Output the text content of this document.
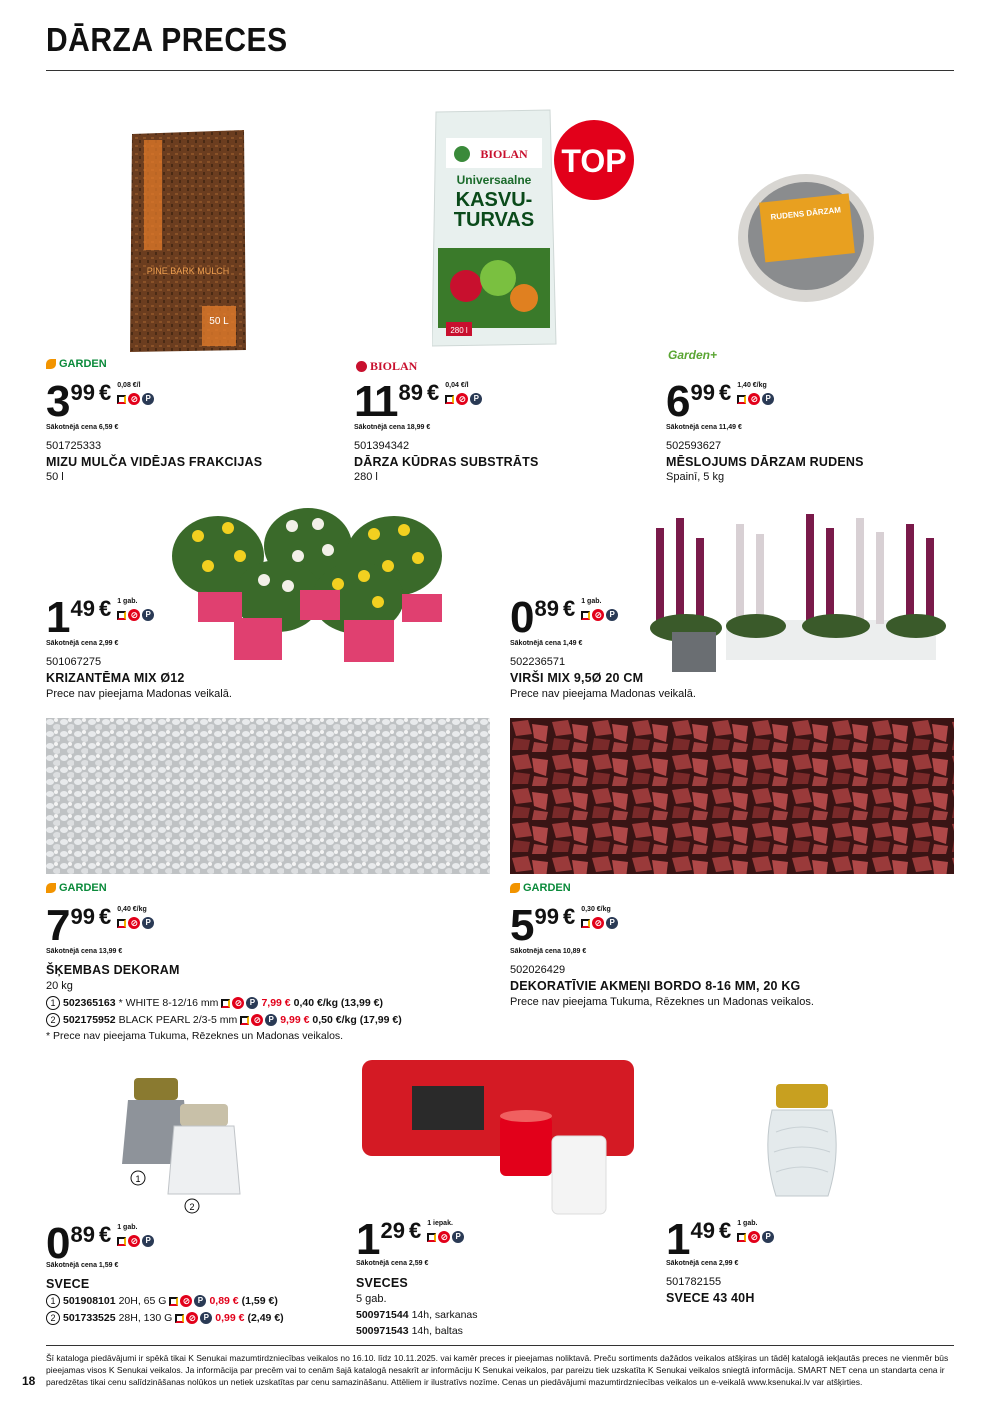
DĀRZA PRECES
PINE BARK MULCH
50 L
BIOLAN
Universaalne
KASVU-
TURVAS
280 l
TOP
RUDENS DĀRZAM
GARDEN	BIOLAN
Garden+
3 99 € 0,08 €/l
⊘ P
Sākotnējā cena 6,59 €
501725333
MIZU MULČA VIDĒJAS FRAKCIJAS
50 l
11 89 € 0,04 €/l
⊘ P
Sākotnējā cena 18,99 €
501394342
DĀRZA KŪDRAS SUBSTRĀTS
280 l
6 99 € 1,40 €/kg
⊘ P
Sākotnējā cena 11,49 €
502593627
MĒSLOJUMS DĀRZAM RUDENS
Spainī, 5 kg
1 49 € 1 gab.
⊘ P
Sākotnējā cena 2,99 €
501067275
KRIZANTĒMA MIX Ø12
Prece nav pieejama Madonas veikalā.
0 89 € 1 gab.
⊘ P
Sākotnējā cena 1,49 €
502236571
VIRŠI MIX 9,5Ø 20 CM
Prece nav pieejama Madonas veikalā.
GARDEN	GARDEN
7 99 € 0,40 €/kg
⊘ P
Sākotnējā cena 13,99 €
ŠĶEMBAS DEKORAM
20 kg
1 502365163 * WHITE 8-12/16 mm ⊘ P 7,99 € 0,40 €/kg (13,99 €)
2 502175952 BLACK PEARL 2/3-5 mm ⊘ P 9,99 € 0,50 €/kg (17,99 €)
* Prece nav pieejama Tukuma, Rēzeknes un Madonas veikalos.
5 99 € 0,30 €/kg
⊘ P
Sākotnējā cena 10,89 €
502026429
DEKORATĪVIE AKMEŅI BORDO 8-16 MM, 20 KG
Prece nav pieejama Tukuma, Rēzeknes un Madonas veikalos.
1
2
0 89 € 1 gab.
⊘ P
Sākotnējā cena 1,59 €
SVECE
1 501908101 20H, 65 G ⊘ P 0,89 € (1,59 €)
2 501733525 28H, 130 G ⊘ P 0,99 € (2,49 €)
1 29 € 1 iepak.
⊘ P
Sākotnējā cena 2,59 €
SVECES
5 gab.
500971544 14h, sarkanas
500971543 14h, baltas
1 49 € 1 gab.
⊘ P
Sākotnējā cena 2,99 €
501782155
SVECE 43 40H
Šī kataloga piedāvājumi ir spēkā tikai K Senukai mazumtirdzniecības veikalos no 16.10. līdz 10.11.2025. vai kamēr preces ir pieejamas noliktavā. Preču sortiments dažādos veikalos atšķiras un tādēļ katalogā iekļautās preces ne vienmēr būs pieejamas visos K Senukai veikalos. Ja informācija par precēm vai to cenām šajā katalogā nesakrīt ar informāciju K Senukai veikalos, par pareizu tiek uzskatīta K Senukai veikalos sniegtā informācija. SMART NET cena un standarta cena ir paredzētas tikai cenu salīdzināšanas nolūkos un netiek uzskatītas par cenu samazināšanu. Attēliem ir ilustratīvs nozīme. Cenas un piedāvājumi mazumtirdzniecības veikalos un e-veikalā www.ksenukai.lv var atšķirties.
18
